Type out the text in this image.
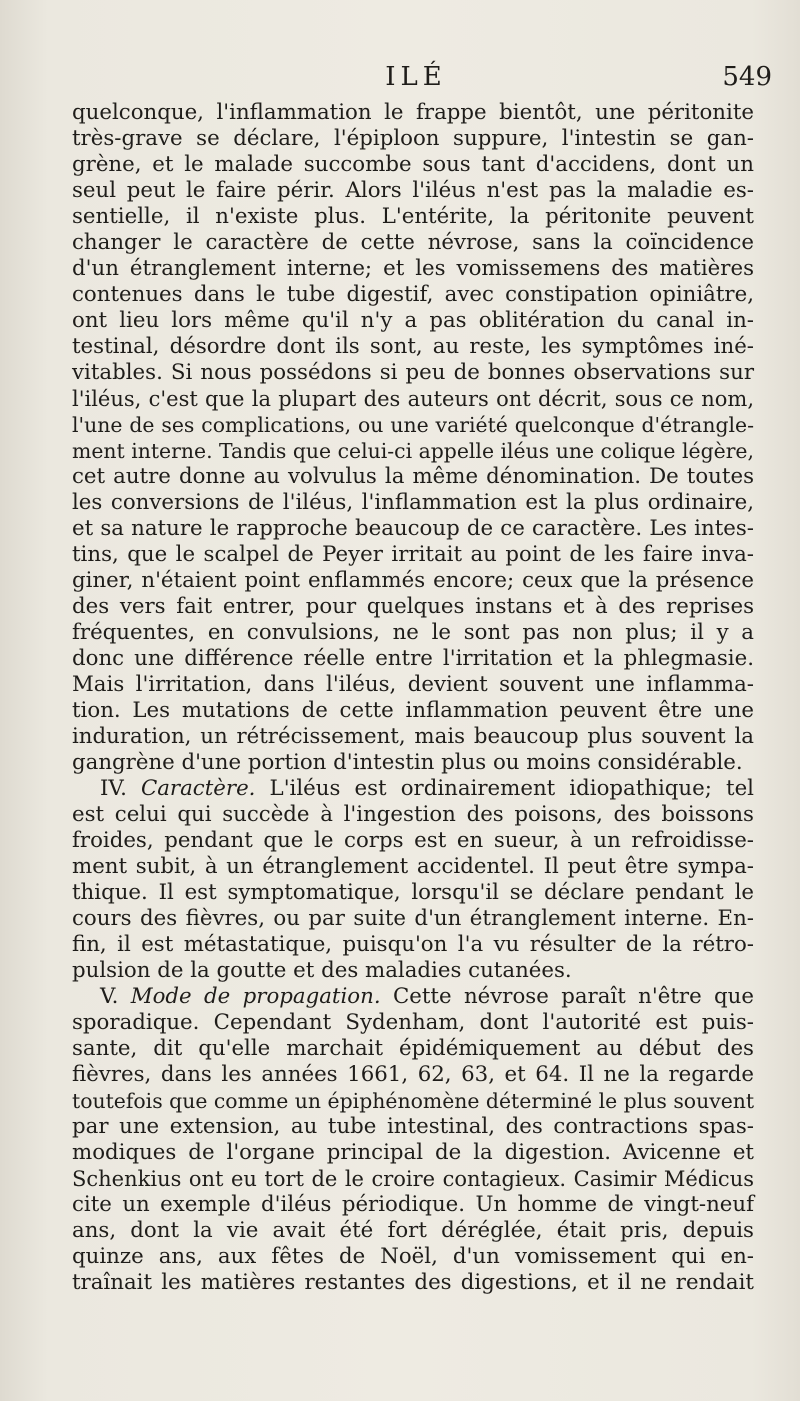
ILÉ	549
quelconque, l'inflammation le frappe bientôt, une péritonite
très-grave se déclare, l'épiploon suppure, l'intestin se gan-
grène, et le malade succombe sous tant d'accidens, dont un
seul peut le faire périr. Alors l'iléus n'est pas la maladie es-
sentielle, il n'existe plus. L'entérite, la péritonite peuvent
changer le caractère de cette névrose, sans la coïncidence
d'un étranglement interne; et les vomissemens des matières
contenues dans le tube digestif, avec constipation opiniâtre,
ont lieu lors même qu'il n'y a pas oblitération du canal in-
testinal, désordre dont ils sont, au reste, les symptômes iné-
vitables. Si nous possédons si peu de bonnes observations sur
l'iléus, c'est que la plupart des auteurs ont décrit, sous ce nom,
l'une de ses complications, ou une variété quelconque d'étrangle-
ment interne. Tandis que celui-ci appelle iléus une colique légère,
cet autre donne au volvulus la même dénomination. De toutes
les conversions de l'iléus, l'inflammation est la plus ordinaire,
et sa nature le rapproche beaucoup de ce caractère. Les intes-
tins, que le scalpel de Peyer irritait au point de les faire inva-
giner, n'étaient point enflammés encore; ceux que la présence
des vers fait entrer, pour quelques instans et à des reprises
fréquentes, en convulsions, ne le sont pas non plus; il y a
donc une différence réelle entre l'irritation et la phlegmasie.
Mais l'irritation, dans l'iléus, devient souvent une inflamma-
tion. Les mutations de cette inflammation peuvent être une
induration, un rétrécissement, mais beaucoup plus souvent la
gangrène d'une portion d'intestin plus ou moins considérable.
IV. Caractère. L'iléus est ordinairement idiopathique; tel
est celui qui succède à l'ingestion des poisons, des boissons
froides, pendant que le corps est en sueur, à un refroidisse-
ment subit, à un étranglement accidentel. Il peut être sympa-
thique. Il est symptomatique, lorsqu'il se déclare pendant le
cours des fièvres, ou par suite d'un étranglement interne. En-
fin, il est métastatique, puisqu'on l'a vu résulter de la rétro-
pulsion de la goutte et des maladies cutanées.
V. Mode de propagation. Cette névrose paraît n'être que
sporadique. Cependant Sydenham, dont l'autorité est puis-
sante, dit qu'elle marchait épidémiquement au début des
fièvres, dans les années 1661, 62, 63, et 64. Il ne la regarde
toutefois que comme un épiphénomène déterminé le plus souvent
par une extension, au tube intestinal, des contractions spas-
modiques de l'organe principal de la digestion. Avicenne et
Schenkius ont eu tort de le croire contagieux. Casimir Médicus
cite un exemple d'iléus périodique. Un homme de vingt-neuf
ans, dont la vie avait été fort déréglée, était pris, depuis
quinze ans, aux fêtes de Noël, d'un vomissement qui en-
traînait les matières restantes des digestions, et il ne rendait
